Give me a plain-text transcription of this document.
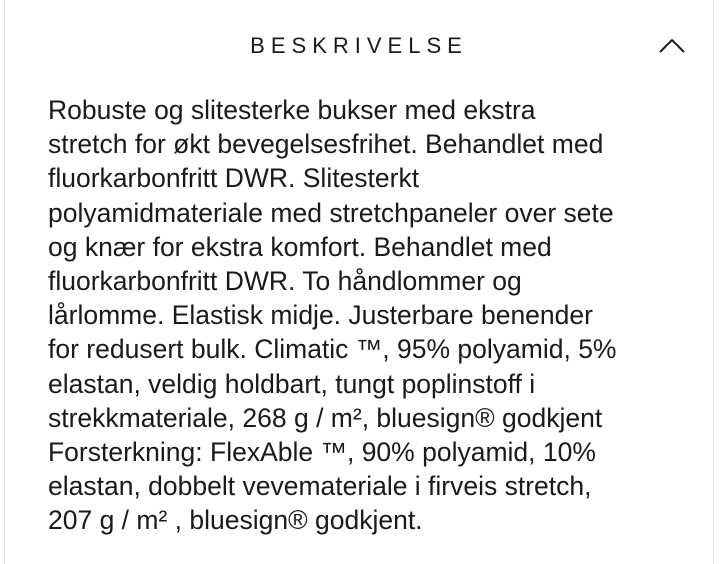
BESKRIVELSE

Robuste og slitesterke bukser med ekstra
stretch for økt bevegelsesfrihet. Behandlet med
fluorkarbonfritt DWR. Slitesterkt
polyamidmateriale med stretchpaneler over sete
og knær for ekstra komfort. Behandlet med
fluorkarbonfritt DWR. To håndlommer og
lårlomme. Elastisk midje. Justerbare benender
for redusert bulk. Climatic ™, 95% polyamid, 5%
elastan, veldig holdbart, tungt poplinstoff i
strekkmateriale, 268 g / m², bluesign® godkjent
Forsterkning: FlexAble ™, 90% polyamid, 10%
elastan, dobbelt vevemateriale i firveis stretch,
207 g / m² , bluesign® godkjent.
